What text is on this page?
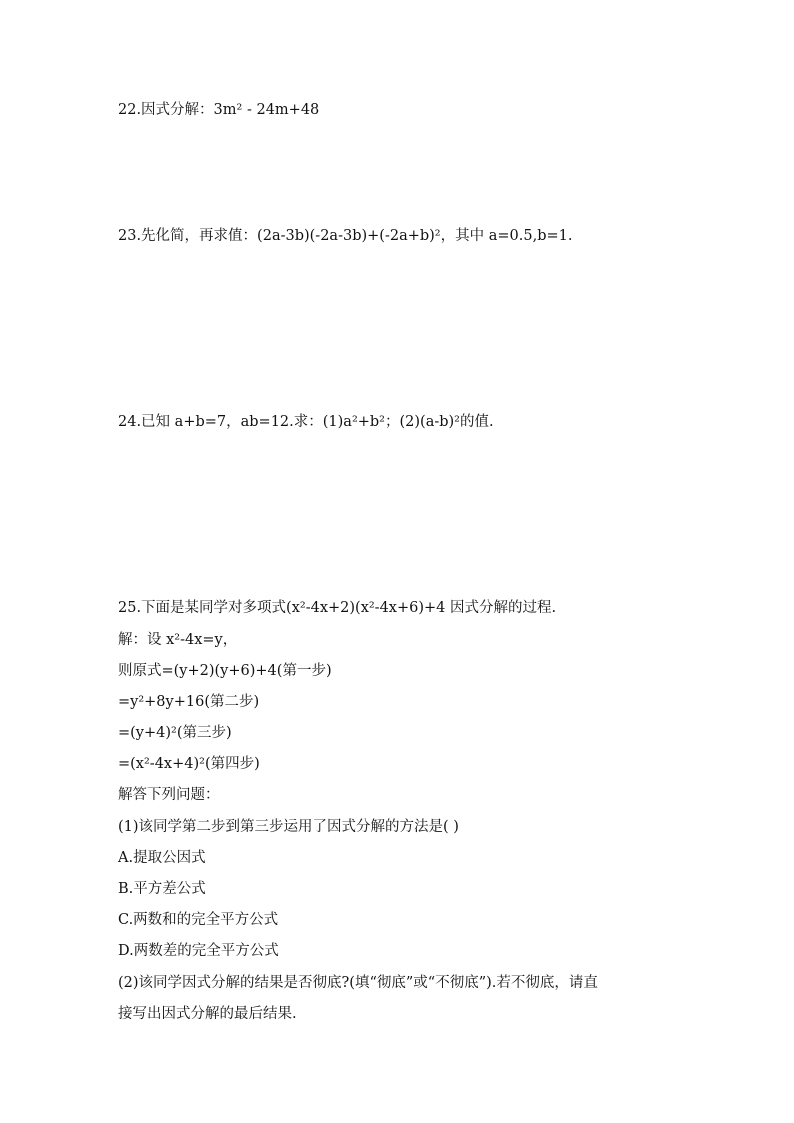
22.因式分解：3m² - 24m+48
23.先化简，再求值：(2a-3b)(-2a-3b)+(-2a+b)²，其中 a=0.5,b=1.
24.已知 a+b=7，ab=12.求：(1)a²+b²；(2)(a-b)²的值.
25.下面是某同学对多项式(x²-4x+2)(x²-4x+6)+4 因式分解的过程.
解：设 x²-4x=y，
则原式=(y+2)(y+6)+4(第一步)
=y²+8y+16(第二步)
=(y+4)²(第三步)
=(x²-4x+4)²(第四步)
解答下列问题：
(1)该同学第二步到第三步运用了因式分解的方法是( )
A.提取公因式
B.平方差公式
C.两数和的完全平方公式
D.两数差的完全平方公式
(2)该同学因式分解的结果是否彻底?(填“彻底”或“不彻底”).若不彻底，请直
接写出因式分解的最后结果.
